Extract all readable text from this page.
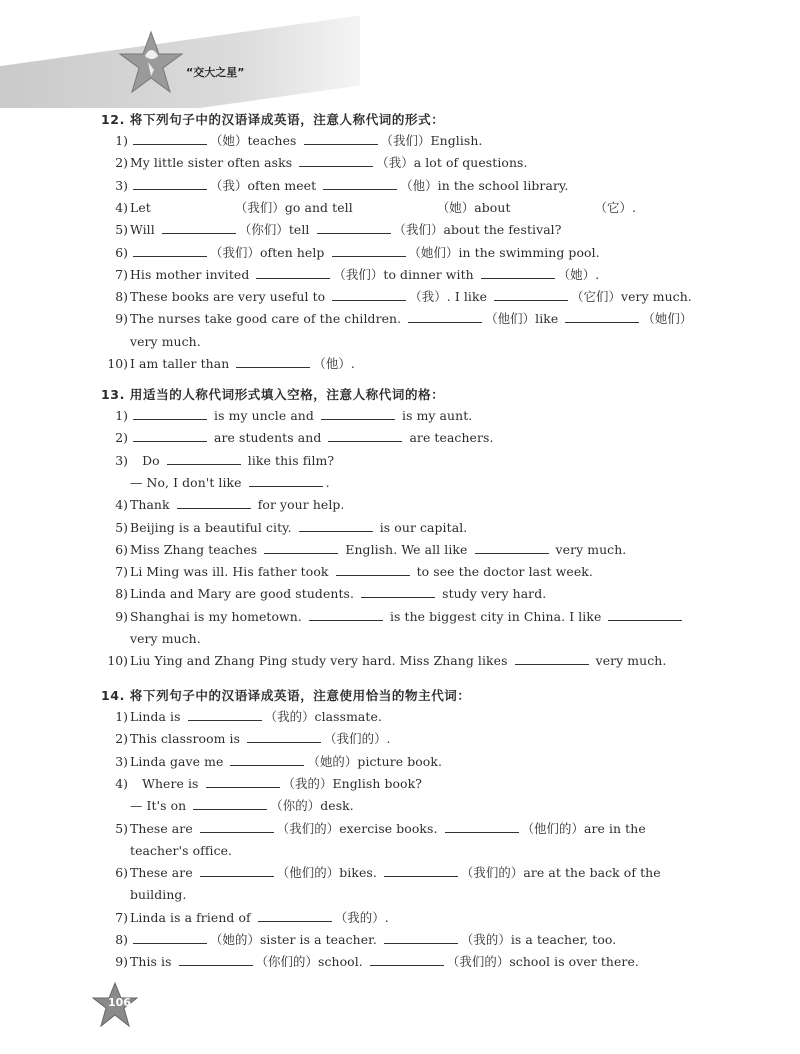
“交大之星”
12. 将下列句子中的汉语译成英语，注意人称代词的形式：
1)	（她）teaches	（我们）English.
2) My little sister often asks	（我）a lot of questions.
3)	（我）often meet	（他）in the school library.
4) Let	（我们）go and tell	（她）about	（它）.
5) Will	（你们）tell	（我们）about the festival?
6)	（我们）often help	（她们）in the swimming pool.
7) His mother invited	（我们）to dinner with	（她）.
8) These books are very useful to	（我）. I like	（它们）very much.
9) The nurses take good care of the children.	（他们）like	（她们）
very much.
10) I am taller than	（他）.
13. 用适当的人称代词形式填入空格，注意人称代词的格：
1)	is my uncle and	is my aunt.
2)	are students and	are teachers.
3)   Do	like this film?
— No, I don't like	.
4) Thank	for your help.
5) Beijing is a beautiful city.	is our capital.
6) Miss Zhang teaches	English. We all like	very much.
7) Li Ming was ill. His father took	to see the doctor last week.
8) Linda and Mary are good students.	study very hard.
9) Shanghai is my hometown.	is the biggest city in China. I like
very much.
10) Liu Ying and Zhang Ping study very hard. Miss Zhang likes	very much.
14. 将下列句子中的汉语译成英语，注意使用恰当的物主代词：
1) Linda is	（我的）classmate.
2) This classroom is	（我们的）.
3) Linda gave me	（她的）picture book.
4)   Where is	（我的）English book?
— It's on	（你的）desk.
5) These are	（我们的）exercise books.	（他们的）are in the
teacher's office.
6) These are	（他们的）bikes.	（我们的）are at the back of the
building.
7) Linda is a friend of	（我的）.
8)	（她的）sister is a teacher.	（我的）is a teacher, too.
9) This is	（你们的）school.	（我们的）school is over there.
106
